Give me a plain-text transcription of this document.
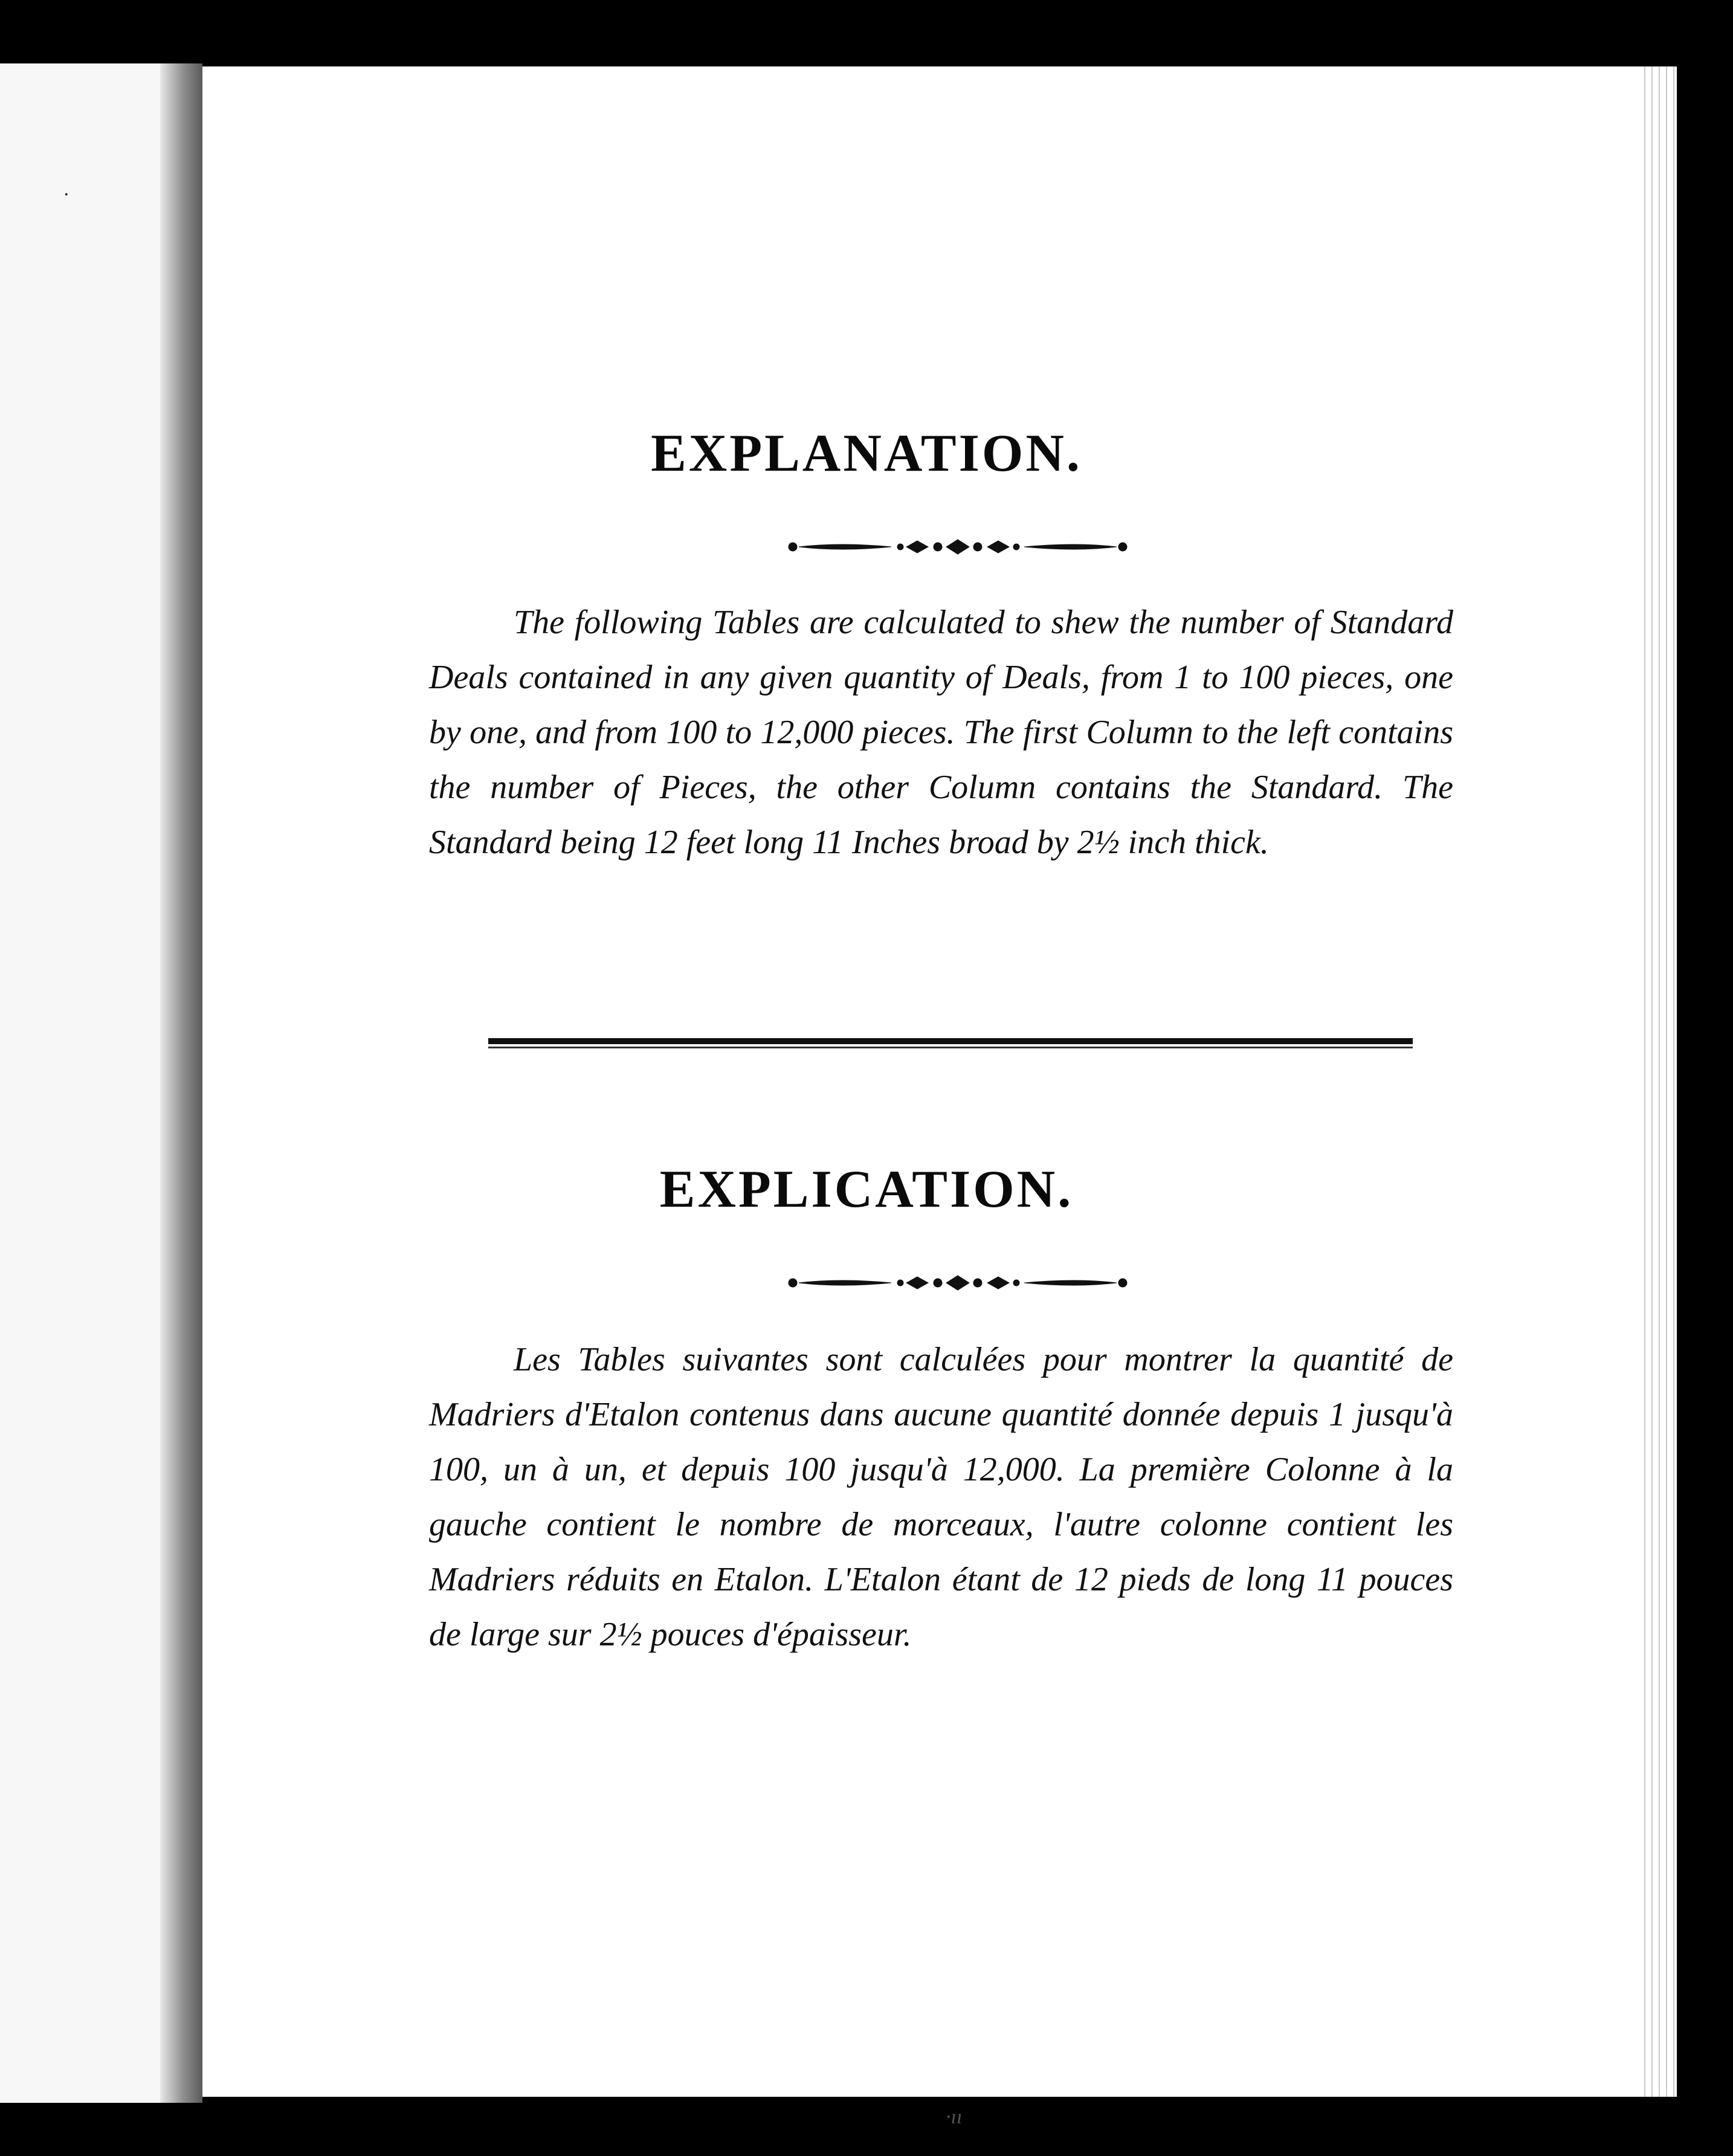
·
EXPLANATION.

The following Tables are calculated to shew the number of Standard Deals contained in any given quantity of Deals, from 1 to 100 pieces, one by one, and from 100 to 12,000 pieces. The first Column to the left contains the number of Pieces, the other Column contains the Standard. The Standard being 12 feet long 11 Inches broad by 2½ inch thick.

EXPLICATION.

Les Tables suivantes sont calculées pour montrer la quantité de Madriers d'Etalon contenus dans aucune quantité donnée depuis 1 jusqu'à 100, un à un, et depuis 100 jusqu'à 12,000. La première Colonne à la gauche contient le nombre de morceaux, l'autre colonne contient les Madriers réduits en Etalon. L'Etalon étant de 12 pieds de long 11 pouces de large sur 2½ pouces d'épaisseur.

·ıı
